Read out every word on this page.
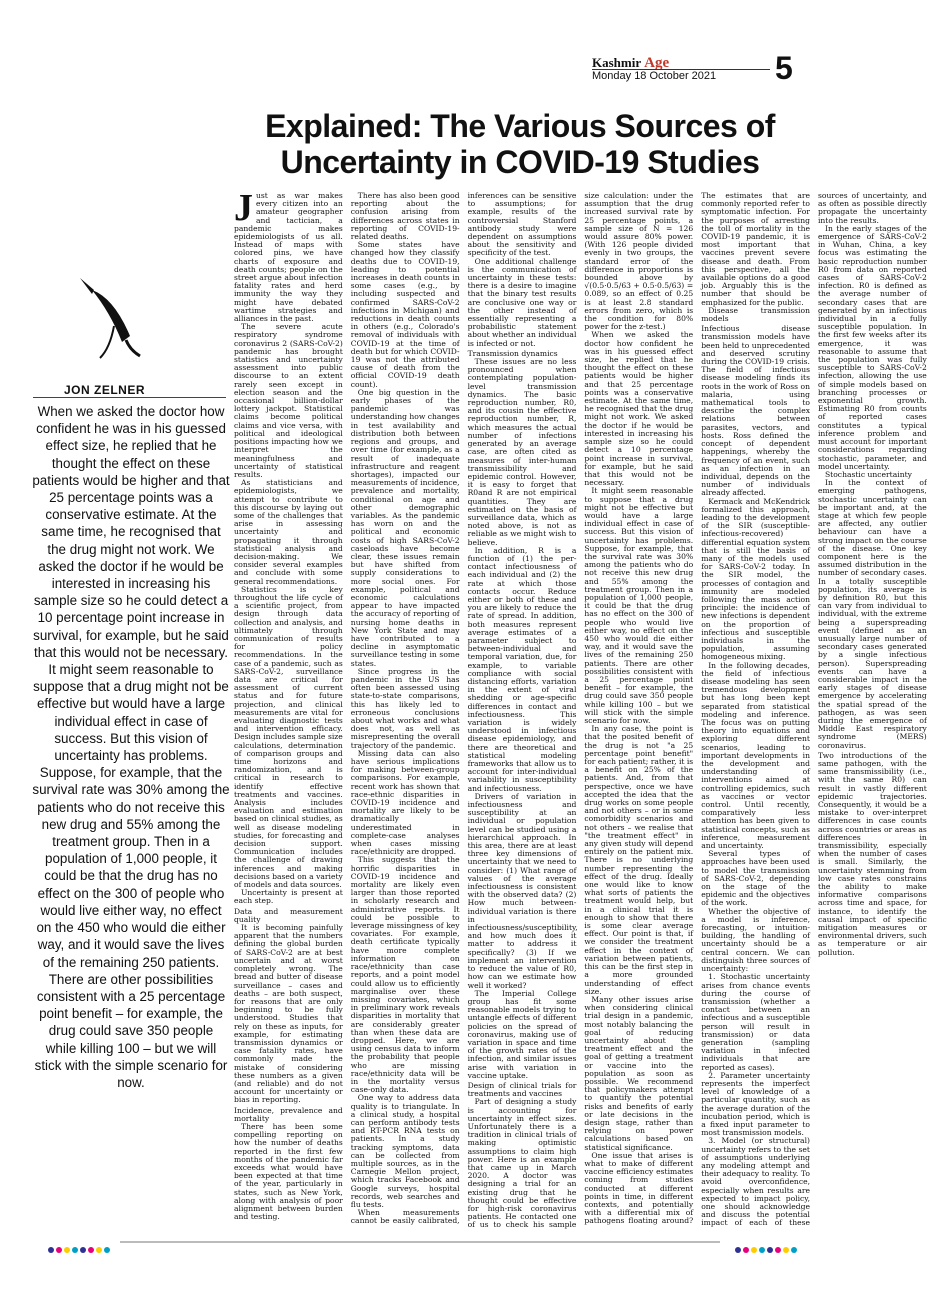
Kashmir Age
Monday 18 October 2021 5
Explained: The Various Sources of Uncertainty in COVID-19 Studies
JON ZELNER
When we asked the doctor how confident he was in his guessed effect size, he replied that he thought the effect on these patients would be higher and that 25 percentage points was a conservative estimate. At the same time, he recognised that the drug might not work. We asked the doctor if he would be interested in increasing his sample size so he could detect a 10 percentage point increase in survival, for example, but he said that this would not be necessary. It might seem reasonable to suppose that a drug might not be effective but would have a large individual effect in case of success. But this vision of uncertainty has problems. Suppose, for example, that the survival rate was 30% among the patients who do not receive this new drug and 55% among the treatment group. Then in a population of 1,000 people, it could be that the drug has no effect on the 300 of people who would live either way, no effect on the 450 who would die either way, and it would save the lives of the remaining 250 patients. There are other possibilities consistent with a 25 percentage point benefit – for example, the drug could save 350 people while killing 100 – but we will stick with the simple scenario for now.

Just as war makes every citizen into an amateur geographer and tactician, a pandemic makes epidemiologists of us all. Instead of maps with colored pins, we have charts of exposure and death counts; people on the street argue about infection fatality rates and herd immunity the way they might have debated wartime strategies and alliances in the past.

The severe acute respiratory syndrome coronavirus 2 (SARS-CoV-2) pandemic has brought statistics and uncertainty assessment into public discourse to an extent rarely seen except in election season and the occasional billion-dollar lottery jackpot. Statistical claims become political claims and vice versa, with political and ideological positions impacting how we interpret the meaningfulness and uncertainty of statistical results.

As statisticians and epidemiologists, we attempt to contribute to this discourse by laying out some of the challenges that arise in assessing uncertainty and propagating it through statistical analysis and decision-making. We consider several examples and conclude with some general recommendations.

Statistics is key throughout the life cycle of a scientific project, from design through data collection and analysis, and ultimately through communication of results for policy recommendations. In the case of a pandemic, such as SARS-CoV-2, surveillance data are critical for assessment of current status and for future projection, and clinical measurements are vital for evaluating diagnostic tests and intervention efficacy. Design includes sample size calculations, determination of comparison groups and time horizons and randomization, and is critical in research to identify effective treatments and vaccines. Analysis includes evaluation and estimation based on clinical studies, as well as disease modeling studies, for forecasting and decision support. Communication includes the challenge of drawing inferences and making decisions based on a variety of models and data sources.

Uncertainty is present at each step.

Data and measurement quality

It is becoming painfully apparent that the numbers defining the global burden of SARS-CoV-2 are at best uncertain and at worst completely wrong. The bread and butter of disease surveillance – cases and deaths – are both suspect, for reasons that are only beginning to be fully understood. Studies that rely on these as inputs, for example, for estimating transmission dynamics or case fatality rates, have commonly made the mistake of considering these numbers as a given (and reliable) and do not account for uncertainty or bias in reporting.

Incidence, prevalence and mortality

There has been some compelling reporting on how the number of deaths reported in the first few months of the pandemic far exceeds what would have been expected at that time of the year, particularly in states, such as New York, along with analysis of poor alignment between burden and testing.

There has also been good reporting about the confusion arising from differences across states in reporting of COVID-19-related deaths.

Some states have changed how they classify deaths due to COVID-19, leading to potential increases in death counts in some cases (e.g., by including suspected and confirmed SARS-CoV-2 infections in Michigan) and reductions in death counts in others (e.g., Colorado's removal of individuals with COVID-19 at the time of death but for which COVID-19 was not the attributed cause of death from the official COVID-19 death count).

One big question in the early phases of the pandemic was understanding how changes in test availability and distribution both between regions and groups, and over time (for example, as a result of inadequate infrastructure and reagent shortages), impacted our measurements of incidence, prevalence and mortality, conditional on age and other demographic variables. As the pandemic has worn on and the political and economic costs of high SARS-CoV-2 caseloads have become clear, these issues remain but have shifted from supply considerations to more social ones. For example, political and economic calculations appear to have impacted the accuracy of reporting of nursing home deaths in New York State and may have contributed to a decline in asymptomatic surveillance testing in some states.

Since progress in the pandemic in the US has often been assessed using state-to-state comparisons, this has likely led to erroneous conclusions about what works and what does not, as well as misrepresenting the overall trajectory of the pandemic.

Missing data can also have serious implications for making between-group comparisons. For example, recent work has shown that race-ethnic disparities in COVID-19 incidence and mortality are likely to be dramatically underestimated in complete-case analyses when cases missing race/ethnicity are dropped.

This suggests that the horrific disparities in COVID-19 incidence and mortality are likely even larger than those reported in scholarly research and administrative reports. It could be possible to leverage missingness of key covariates. For example, death certificate typically have more complete information on race/ethnicity than case reports, and a point model could allow us to efficiently marginalise over these missing covariates, which in preliminary work reveals disparities in mortality that are considerably greater than when these data are dropped. Here, we are using census data to inform the probability that people who are missing race/ethnicity data will be in the mortality versus case-only data.

One way to address data quality is to triangulate. In a clinical study, a hospital can perform antibody tests and RT-PCR RNA tests on patients. In a study tracking symptoms, data can be collected from multiple sources, as in the Carnegie Mellon project, which tracks Facebook and Google surveys, hospital records, web searches and flu tests.

When measurements cannot be easily calibrated, inferences can be sensitive to assumptions; for example, results of the controversial Stanford antibody study were dependent on assumptions about the sensitivity and specificity of the test.

One additional challenge is the communication of uncertainty in these tests: there is a desire to imagine that the binary test results are conclusive one way or the other instead of essentially representing a probabilistic statement about whether an individual is infected or not.

Transmission dynamics

These issues are no less pronounced when contemplating population-level transmission dynamics. The basic reproduction number, R0, and its cousin the effective reproduction number, R, which measures the actual number of infections generated by an average case, are often cited as measures of inter-human transmissibility and epidemic control. However, it is easy to forget that R0and R are not empirical quantities. They are estimated on the basis of surveillance data, which as noted above, is not as reliable as we might wish to believe.

In addition, R is a function of (1) the per-contact infectiousness of each individual and (2) the rate at which those contacts occur. Reduce either or both of these and you are likely to reduce the rate of spread. In addition, both measures represent average estimates of a parameter subject to between-individual and temporal variation, due, for example, to variable compliance with social distancing efforts, variation in the extent of viral shedding or age-specific differences in contact and infectiousness. This variation is widely understood in infectious disease epidemiology, and there are theoretical and statistical modeling frameworks that allow us to account for inter-individual variability in susceptibility and infectiousness.

Drivers of variation in infectiousness and susceptibility at an individual or population level can be studied using a hierarchical approach. In this area, there are at least three key dimensions of uncertainty that we need to consider: (1) What range of values of the average infectiousness is consistent with the observed data? (2) How much between-individual variation is there in infectiousness/susceptibility, and how much does it matter to address it specifically? (3) If we implement an intervention to reduce the value of R0, how can we estimate how well it worked?

The Imperial College group has fit some reasonable models trying to untangle effects of different policies on the spread of coronavirus, making use of variation in space and time of the growth rates of the infection, and similar issues arise with variation in vaccine uptake.

Design of clinical trials for treatments and vaccines

Part of designing a study is accounting for uncertainty in effect sizes. Unfortunately there is a tradition in clinical trials of making optimistic assumptions to claim high power. Here is an example that came up in March 2020. A doctor was designing a trial for an existing drug that he thought could be effective for high-risk coronavirus patients. He contacted one of us to check his sample size calculation: under the assumption that the drug increased survival rate by 25 percentage points, a sample size of N = 126 would assure 80% power. (With 126 people divided evenly in two groups, the standard error of the difference in proportions is bounded above by √(0.5·0.5/63 + 0.5·0.5/63) = 0.089, so an effect of 0.25 is at least 2.8 standard errors from zero, which is the condition for 80% power for the z-test.)

When we asked the doctor how confident he was in his guessed effect size, he replied that he thought the effect on these patients would be higher and that 25 percentage points was a conservative estimate. At the same time, he recognised that the drug might not work. We asked the doctor if he would be interested in increasing his sample size so he could detect a 10 percentage point increase in survival, for example, but he said that this would not be necessary.

It might seem reasonable to suppose that a drug might not be effective but would have a large individual effect in case of success. But this vision of uncertainty has problems. Suppose, for example, that the survival rate was 30% among the patients who do not receive this new drug and 55% among the treatment group. Then in a population of 1,000 people, it could be that the drug has no effect on the 300 of people who would live either way, no effect on the 450 who would die either way, and it would save the lives of the remaining 250 patients. There are other possibilities consistent with a 25 percentage point benefit – for example, the drug could save 350 people while killing 100 – but we will stick with the simple scenario for now.

In any case, the point is that the posited benefit of the drug is not "a 25 percentage point benefit" for each patient; rather, it is a benefit on 25% of the patients. And, from that perspective, once we have accepted the idea that the drug works on some people and not others – or in some comorbidity scenarios and not others – we realise that "the treatment effect" in any given study will depend entirely on the patient mix. There is no underlying number representing the effect of the drug. Ideally one would like to know what sorts of patients the treatment would help, but in a clinical trial it is enough to show that there is some clear average effect. Our point is that, if we consider the treatment effect in the context of variation between patients, this can be the first step in a more grounded understanding of effect size.

Many other issues arise when considering clinical trial design in a pandemic, most notably balancing the goal of reducing uncertainty about the treatment effect and the goal of getting a treatment or vaccine into the population as soon as possible. We recommend that policymakers attempt to quantify the potential risks and benefits of early or late decisions in the design stage, rather than relying on power calculations based on statistical significance.

One issue that arises is what to make of different vaccine efficiency estimates coming from studies conducted at different points in time, in different contexts, and potentially with a differential mix of pathogens floating around? The estimates that are commonly reported refer to symptomatic infection. For the purposes of arresting the toll of mortality in the COVID-19 pandemic, it is most important that vaccines prevent severe disease and death. From this perspective, all the available options do a good job. Arguably this is the number that should be emphasized for the public.

Disease transmission models

Infectious disease transmission models have been held to unprecedented and deserved scrutiny during the COVID-19 crisis. The field of infectious disease modeling finds its roots in the work of Ross on malaria, using mathematical tools to describe the complex relations between parasites, vectors, and hosts. Ross defined the concept of dependent happenings, whereby the frequency of an event, such as an infection in an individual, depends on the number of individuals already affected.

Kermack and McKendrick formalized this approach, leading to the development of the SIR (susceptible-infectious-recovered) differential equation system that is still the basis of many of the models used for SARS-CoV-2 today. In the SIR model, the processes of contagion and immunity are modeled following the mass action principle: the incidence of new infections is dependent on the proportion of infectious and susceptible individuals in the population, assuming homogeneous mixing.

In the following decades, the field of infectious disease modeling has seen tremendous development but has long been kept separated from statistical modeling and inference. The focus was on putting theory into equations and exploring different scenarios, leading to important developments in the development and understanding of interventions aimed at controlling epidemics, such as vaccines or vector control. Until recently, comparatively less attention has been given to statistical concepts, such as inference, measurement and uncertainty.

Several types of approaches have been used to model the transmission of SARS-CoV-2, depending on the stage of the epidemic and the objectives of the work.

Whether the objective of a model is inference, forecasting, or intuition-building, the handling of uncertainty should be a central concern. We can distinguish three sources of uncertainty:

1. Stochastic uncertainty arises from chance events during the course of transmission (whether a contact between an infectious and a susceptible person will result in transmission) or data generation (sampling variation in infected individuals that are reported as cases).

2. Parameter uncertainty represents the imperfect level of knowledge of a particular quantity, such as the average duration of the incubation period, which is a fixed input parameter to most transmission models.

3. Model (or structural) uncertainty refers to the set of assumptions underlying any modeling attempt and their adequacy to reality. To avoid overconfidence, especially when results are expected to impact policy, one should acknowledge and discuss the potential impact of each of these sources of uncertainty, and as often as possible directly propagate the uncertainty into the results.

In the early stages of the emergence of SARS-CoV-2 in Wuhan, China, a key focus was estimating the basic reproduction number R0 from data on reported cases of SARS-CoV-2 infection. R0 is defined as the average number of secondary cases that are generated by an infectious individual in a fully susceptible population. In the first few weeks after its emergence, it was reasonable to assume that the population was fully susceptible to SARS-CoV-2 infection, allowing the use of simple models based on branching processes or exponential growth. Estimating R0 from counts of reported cases constitutes a typical inference problem and must account for important considerations regarding stochastic, parameter, and model uncertainty.

Stochastic uncertainty

In the context of emerging pathogens, stochastic uncertainty can be important and, at the stage at which few people are affected, any outlier behaviour can have a strong impact on the course of the disease. One key component here is the assumed distribution in the number of secondary cases. In a totally susceptible population, its average is by definition R0, but this can vary from individual to individual, with the extreme being a superspreading event (defined as an unusually large number of secondary cases generated by a single infectious person). Superspreading events can have a considerable impact in the early stages of disease emergence by accelerating the spatial spread of the pathogen, as was seen during the emergence of Middle East respiratory syndrome (MERS) coronavirus.

Two introductions of the same pathogen, with the same transmissibility (i.e., with the same R0) can result in vastly different epidemic trajectories. Consequently, it would be a mistake to over-interpret differences in case counts across countries or areas as differences in transmissibility, especially when the number of cases is small. Similarly, the uncertainty stemming from low case rates constrains the ability to make informative comparisons across time and space, for instance, to identify the causal impact of specific mitigation measures or environmental drivers, such as temperature or air pollution.
